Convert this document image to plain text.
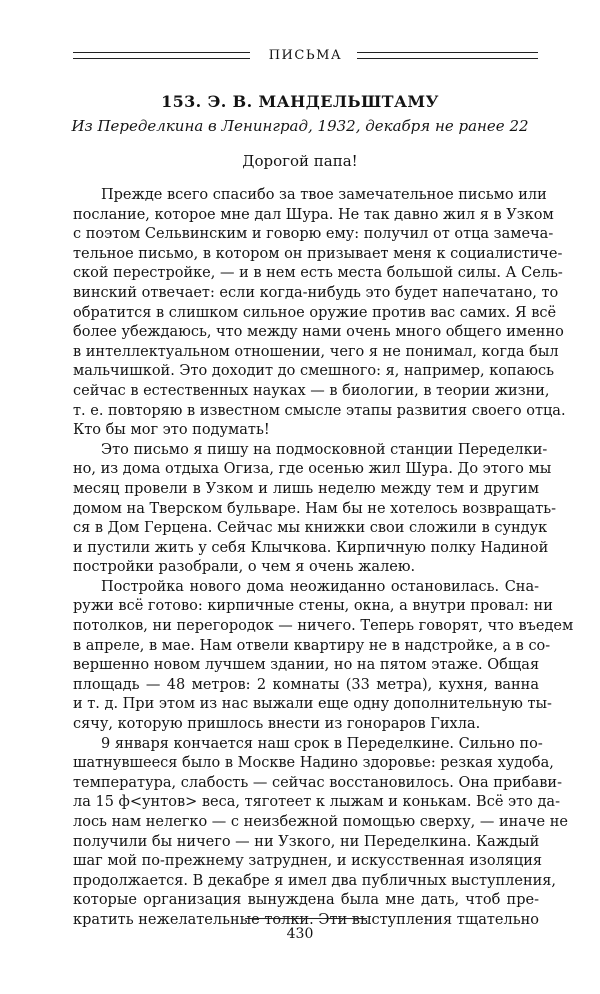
ПИСЬМА
153. Э. В. МАНДЕЛЬШТАМУ
Из Переделкина в Ленинград, 1932, декабря не ранее 22
Дорогой папа!
Прежде всего спасибо за твое замечательное письмо или
послание, которое мне дал Шура. Не так давно жил я в Узком
с поэтом Сельвинским и говорю ему: получил от отца замеча-
тельное письмо, в котором он призывает меня к социалистиче-
ской перестройке, — и в нем есть места большой силы. А Сель-
винский отвечает: если когда-нибудь это будет напечатано, то
обратится в слишком сильное оружие против вас самих. Я всё
более убеждаюсь, что между нами очень много общего именно
в интеллектуальном отношении, чего я не понимал, когда был
мальчишкой. Это доходит до смешного: я, например, копаюсь
сейчас в естественных науках — в биологии, в теории жизни,
т. е. повторяю в известном смысле этапы развития своего отца.
Кто бы мог это подумать!
Это письмо я пишу на подмосковной станции Переделки-
но, из дома отдыха Огиза, где осенью жил Шура. До этого мы
месяц провели в Узком и лишь неделю между тем и другим
домом на Тверском бульваре. Нам бы не хотелось возвращать-
ся в Дом Герцена. Сейчас мы книжки свои сложили в сундук
и пустили жить у себя Клычкова. Кирпичную полку Надиной
постройки разобрали, о чем я очень жалею.
Постройка нового дома неожиданно остановилась. Сна-
ружи всё готово: кирпичные стены, окна, а внутри провал: ни
потолков, ни перегородок — ничего. Теперь говорят, что въедем
в апреле, в мае. Нам отвели квартиру не в надстройке, а в со-
вершенно новом лучшем здании, но на пятом этаже. Общая
площадь — 48 метров: 2 комнаты (33 метра), кухня, ванна
и т. д. При этом из нас выжали еще одну дополнительную ты-
сячу, которую пришлось внести из гонораров Гихла.
9 января кончается наш срок в Переделкине. Сильно по-
шатнувшееся было в Москве Надино здоровье: резкая худоба,
температура, слабость — сейчас восстановилось. Она прибави-
ла 15 ф<унтов> веса, тяготеет к лыжам и конькам. Всё это да-
лось нам нелегко — с неизбежной помощью сверху, — иначе не
получили бы ничего — ни Узкого, ни Переделкина. Каждый
шаг мой по-прежнему затруднен, и искусственная изоляция
продолжается. В декабре я имел два публичных выступления,
которые организация вынуждена была мне дать, чтоб пре-
кратить нежелательные толки. Эти выступления тщательно
430
